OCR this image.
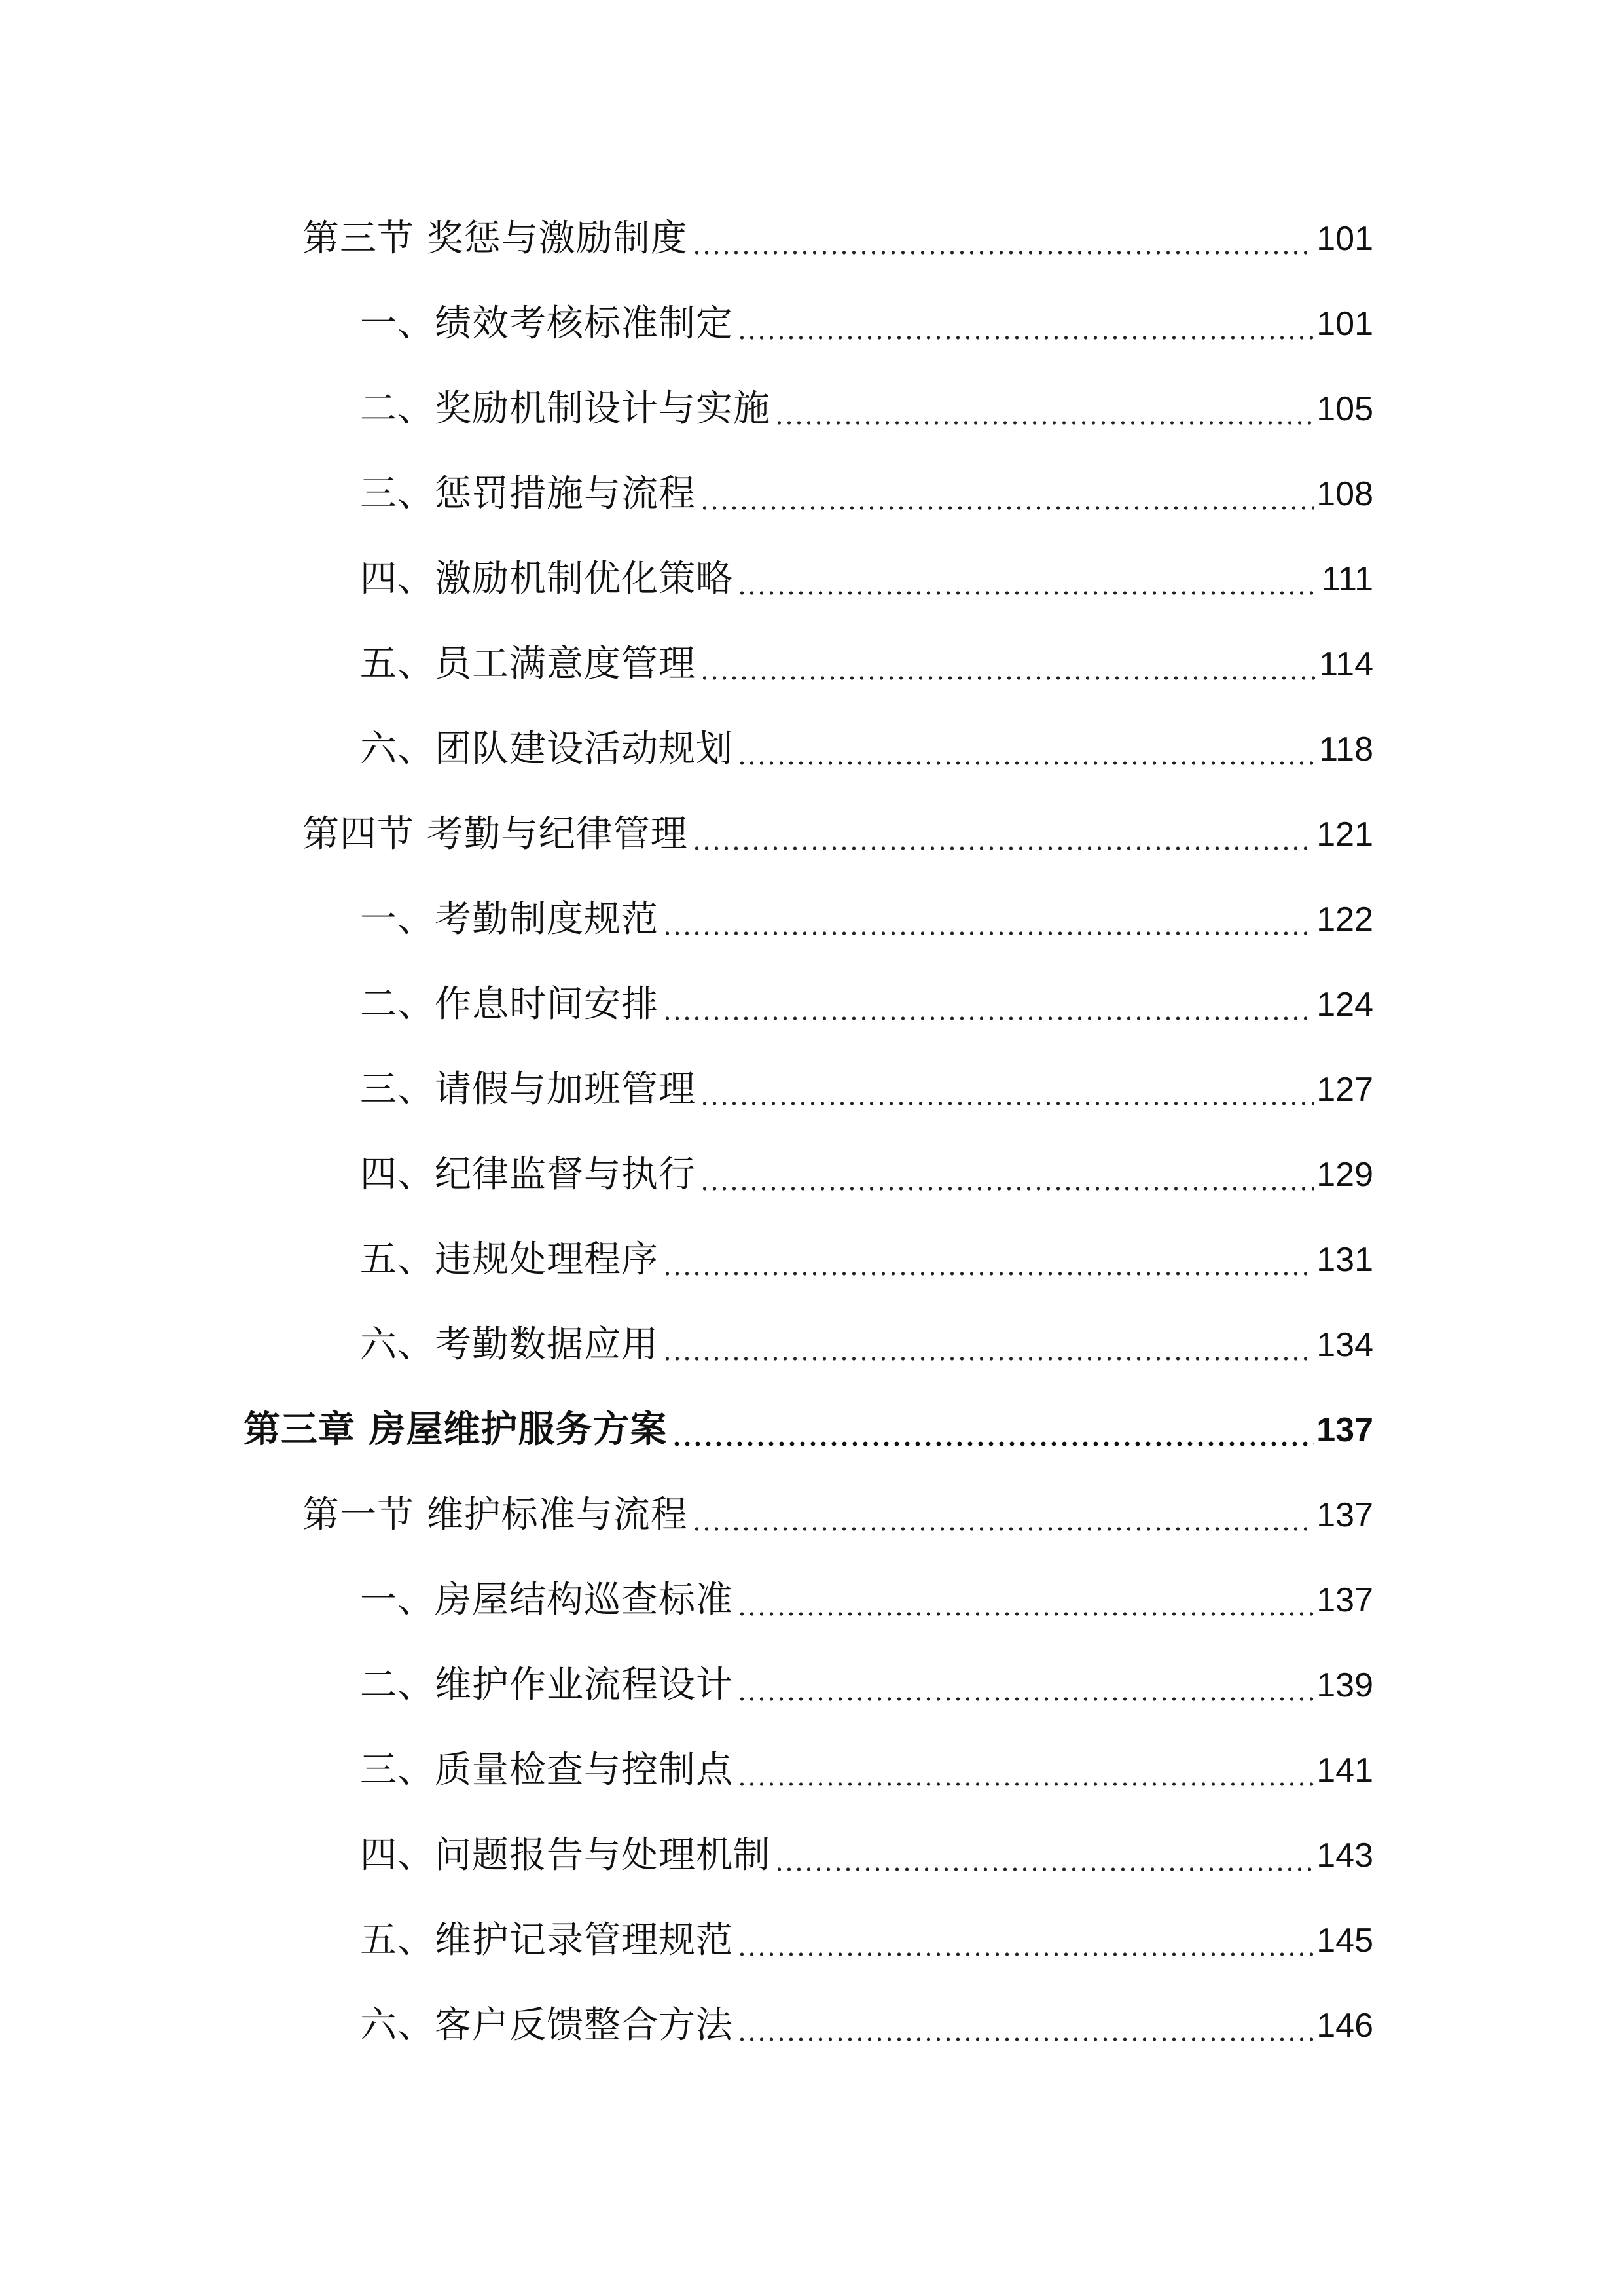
第三节 奖惩与激励制度	101
一、绩效考核标准制定	101
二、奖励机制设计与实施	105
三、惩罚措施与流程	108
四、激励机制优化策略	111
五、员工满意度管理	114
六、团队建设活动规划	118
第四节 考勤与纪律管理	121
一、考勤制度规范	122
二、作息时间安排	124
三、请假与加班管理	127
四、纪律监督与执行	129
五、违规处理程序	131
六、考勤数据应用	134
第三章 房屋维护服务方案	137
第一节 维护标准与流程	137
一、房屋结构巡查标准	137
二、维护作业流程设计	139
三、质量检查与控制点	141
四、问题报告与处理机制	143
五、维护记录管理规范	145
六、客户反馈整合方法	146
